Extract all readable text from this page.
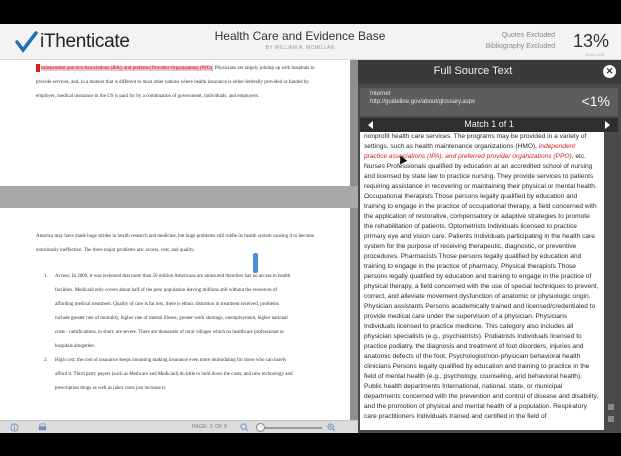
iThenticate	Health Care and Evidence Base
BY WILLIAM R. MCMILLAN
Quotes Excluded
Bibliography Excluded 13%
SIMILAR
Independent practice Associations (IPA), and preferred Provider Organizations (PPO). Physicians are largely joining up with hospitals to provide services, and, in a manner that is different to most other nations where health insurance is either federally provided or funded by employer, medical insurance in the US is paid for by a combination of government, individuals, and employers.
America may have made huge strides in health research and medicine, but huge problems still riddle its health system causing it to become notoriously ineffective. The three major problems are: access, cost, and quality.
1. Access: In 2009, it was reckoned that more than 50 million Americans are uninsured therefore has no access to health facilities. Medicaid only covers about half of the poor population leaving millions still without the resources of affording medical treatment. Quality of care is far less, there is ethnic distortion in treatment received, problems include greater rate of mortality, higher rate of mental illness, greater work shortage, unemployment, higher national costs - ramifications, in short, are severe. There are thousands of rural villages which no healthcare professional or hospitals altogether.
2. High cost: the cost of insurance keeps mounting making insurance even more intimidating for those who can barely afford it. Third party payers (such as Medicare and Medicaid) do little to hold down the costs, and new technology and prescription drugs as well as labor costs just increase it.
PAGE: 2 OF 8
Full Source Text	✕
Internet
http://guideline.gov/about/glossary.aspx	<1%
Match 1 of 1
nonprofit health care services. The programs may be provided in a variety of settings, such as health maintenance organizations (HMO), independent practice associations (IPA), and preferred provider organizations (PPO), etc. Nurses Professionals qualified by education at an accredited school of nursing and licensed by state law to practice nursing. They provide services to patients requiring assistance in recovering or maintaining their physical or mental health. Occupational therapists Those persons legally qualified by education and training to engage in the practice of occupational therapy, a field concerned with the application of restorative, compensatory or adaptive strategies to promote the rehabilitation of patients. Optometrists Individuals licensed to practice primary eye and vision care. Patients Individuals participating in the health care system for the purpose of receiving therapeutic, diagnostic, or preventive procedures. Pharmacists Those persons legally qualified by education and training to engage in the practice of pharmacy. Physical therapists Those persons legally qualified by education and training to engage in the practice of physical therapy, a field concerned with the use of special techniques to prevent, correct, and alleviate movement dysfunction of anatomic or physiologic origin. Physician assistants Persons academically trained and licensed/credentialed to provide medical care under the supervision of a physician. Physicians Individuals licensed to practice medicine. This category also includes all physician specialists (e.g., psychiatrists). Podiatrists Individuals licensed to practice podiatry, the diagnosis and treatment of foot disorders, injuries and anatomic defects of the foot. Psychologist/non-physician behavioral health clinicians Persons legally qualified by education and training to practice in the field of mental health (e.g., psychology, counseling, and behavioral health). Public health departments International, national, state, or municipal departments concerned with the prevention and control of disease and disability, and the promotion of physical and mental health of a population. Respiratory care practitioners Individuals trained and certified in the field of
